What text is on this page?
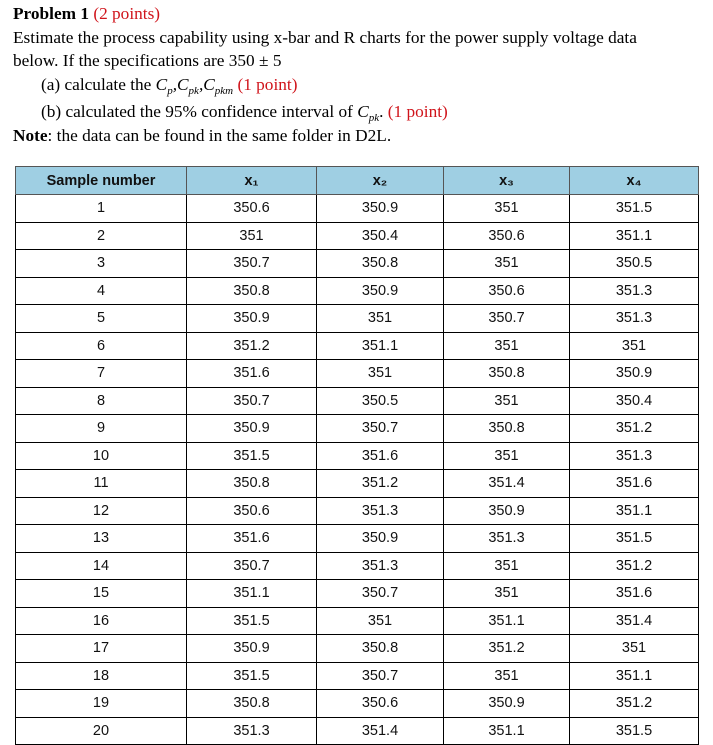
Problem 1 (2 points)
Estimate the process capability using x-bar and R charts for the power supply voltage data
below. If the specifications are 350 ± 5
(a) calculate the $C_p,C_{pk},C_{pkm}$ (1 point)
(b) calculated the 95% confidence interval of $C_{pk}$. (1 point)
Note: the data can be found in the same folder in D2L.
Sample number	x₁	x₂	x₃	x₄
1	350.6	350.9	351	351.5
2	351	350.4	350.6	351.1
3	350.7	350.8	351	350.5
4	350.8	350.9	350.6	351.3
5	350.9	351	350.7	351.3
6	351.2	351.1	351	351
7	351.6	351	350.8	350.9
8	350.7	350.5	351	350.4
9	350.9	350.7	350.8	351.2
10	351.5	351.6	351	351.3
11	350.8	351.2	351.4	351.6
12	350.6	351.3	350.9	351.1
13	351.6	350.9	351.3	351.5
14	350.7	351.3	351	351.2
15	351.1	350.7	351	351.6
16	351.5	351	351.1	351.4
17	350.9	350.8	351.2	351
18	351.5	350.7	351	351.1
19	350.8	350.6	350.9	351.2
20	351.3	351.4	351.1	351.5
